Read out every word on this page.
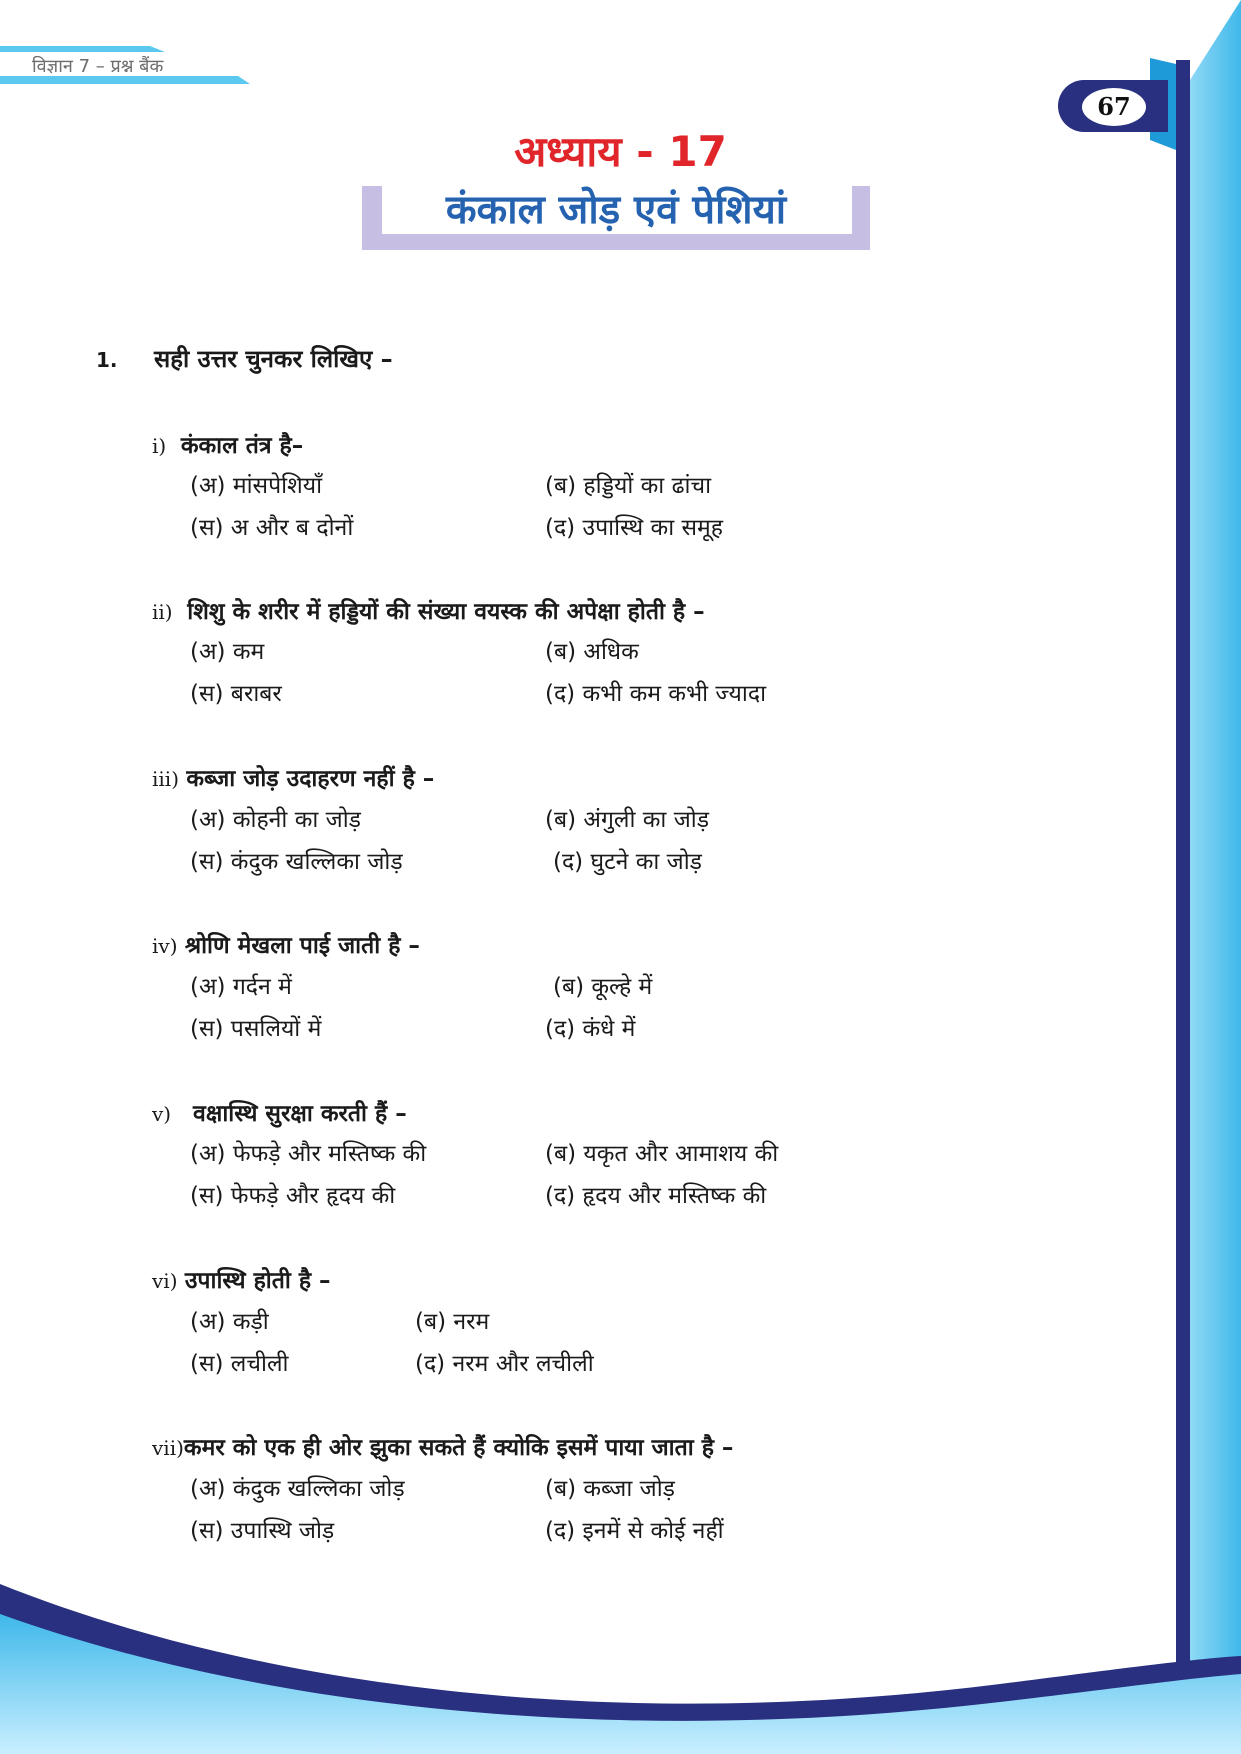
विज्ञान 7 – प्रश्न बैंक
67
अध्याय - 17
कंकाल जोड़ एवं पेशियां
1. सही उत्तर चुनकर लिखिए –
i) कंकाल तंत्र है–
(अ) मांसपेशियाँ	(ब) हड्डियों का ढांचा
(स) अ और ब दोनों	(द) उपास्थि का समूह
ii) शिशु के शरीर में हड्डियों की संख्या वयस्क की अपेक्षा होती है –
(अ) कम	(ब) अधिक
(स) बराबर	(द) कभी कम कभी ज्यादा
iii) कब्जा जोड़ उदाहरण नहीं है –
(अ) कोहनी का जोड़	(ब) अंगुली का जोड़
(स) कंदुक खल्लिका जोड़	(द) घुटने का जोड़
iv) श्रोणि मेखला पाई जाती है –
(अ) गर्दन में	(ब) कूल्हे में
(स) पसलियों में	(द) कंधे में
v) वक्षास्थि सुरक्षा करती हैं –
(अ) फेफड़े और मस्तिष्क की	(ब) यकृत और आमाशय की
(स) फेफड़े और हृदय की	(द) हृदय और मस्तिष्क की
vi) उपास्थि होती है –
(अ) कड़ी	(ब) नरम
(स) लचीली	(द) नरम और लचीली
vii)कमर को एक ही ओर झुका सकते हैं क्योकि इसमें पाया जाता है –
(अ) कंदुक खल्लिका जोड़	(ब) कब्जा जोड़
(स) उपास्थि जोड़	(द) इनमें से कोई नहीं
